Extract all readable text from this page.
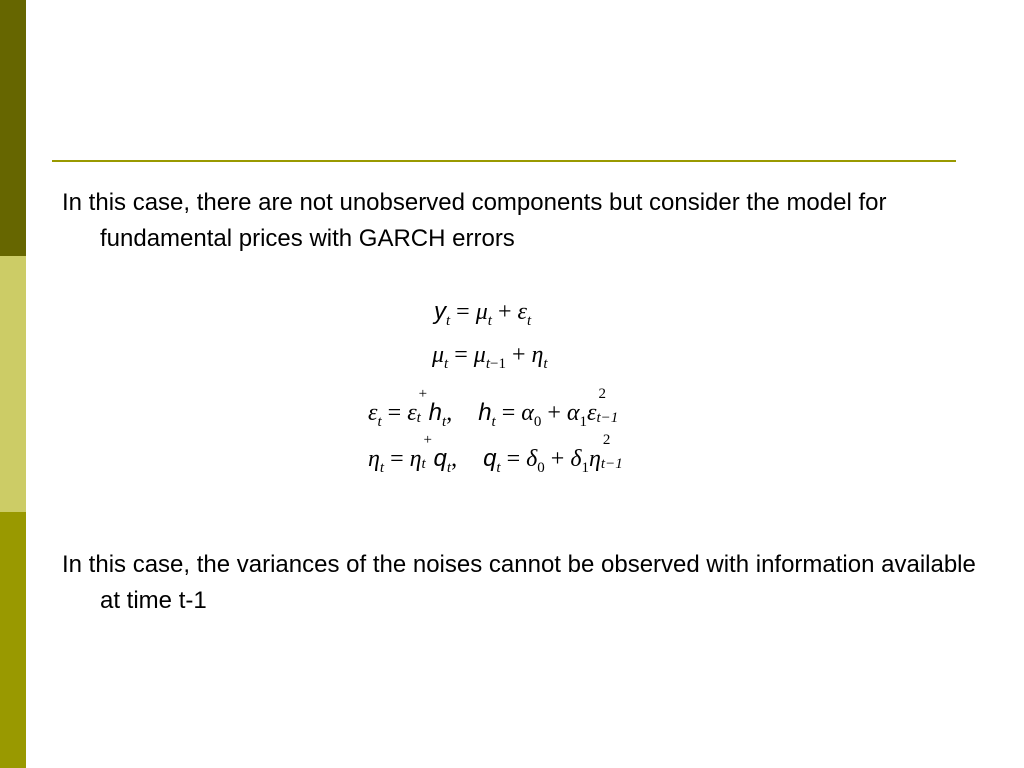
In this case, there are not unobserved components but consider the model for fundamental prices with GARCH errors

$y_t = \mu_t + \varepsilon_t$
$\mu_t = \mu_{t-1} + \eta_t$
$\varepsilon_t = \varepsilon$
+
t $h_t$, $h_t = \alpha_0 + \alpha_1\varepsilon$
2
t−1
$\eta_t = \eta$
+
t $q_t$, $q_t = \delta_0 + \delta_1\eta$
2
t−1

In this case, the variances of the noises cannot be observed with information available at time t-1
